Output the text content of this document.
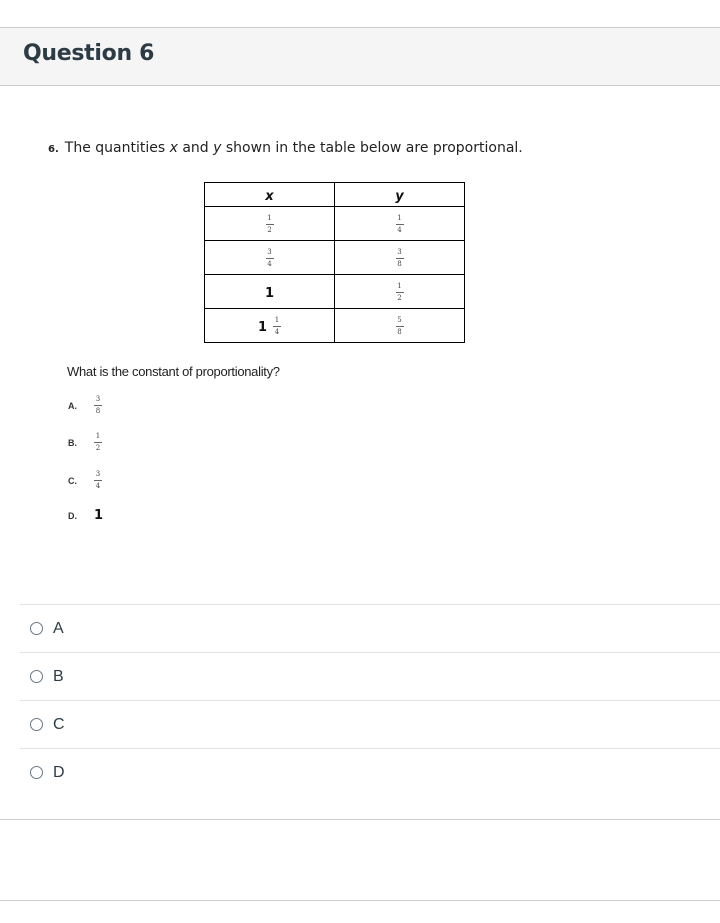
Question 6
6. The quantities x and y shown in the table below are proportional.
x	y

$\frac{1}{2}$	$\frac{1}{4}$

$\frac{3}{4}$	$\frac{3}{8}$

1	$\frac{1}{2}$

$1 \frac{1}{4}$	$\frac{5}{8}$
What is the constant of proportionality?
A.	$\frac{3}{8}$
B.	$\frac{1}{2}$
C.	$\frac{3}{4}$
D.	1
A
B
C
D
